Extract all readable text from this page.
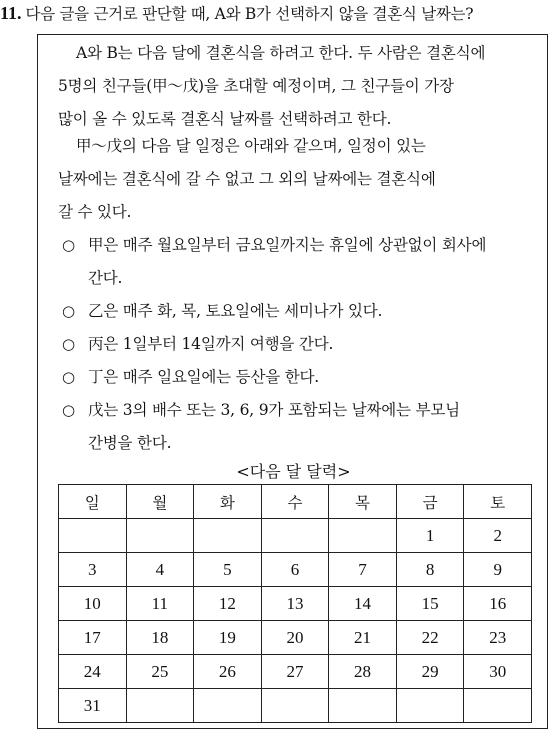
11. 다음 글을 근거로 판단할 때, A와 B가 선택하지 않을 결혼식 날짜는?
A와 B는 다음 달에 결혼식을 하려고 한다. 두 사람은 결혼식에
5명의 친구들(甲～戊)을 초대할 예정이며, 그 친구들이 가장
많이 올 수 있도록 결혼식 날짜를 선택하려고 한다.
甲～戊의 다음 달 일정은 아래와 같으며, 일정이 있는
날짜에는 결혼식에 갈 수 없고 그 외의 날짜에는 결혼식에
갈 수 있다.
○ 甲은 매주 월요일부터 금요일까지는 휴일에 상관없이 회사에
간다.
○ 乙은 매주 화, 목, 토요일에는 세미나가 있다.
○ 丙은 1일부터 14일까지 여행을 간다.
○ 丁은 매주 일요일에는 등산을 한다.
○ 戊는 3의 배수 또는 3, 6, 9가 포함되는 날짜에는 부모님
간병을 한다.
<다음 달 달력>
일	월	화	수	목	금	토
					1	2
3	4	5	6	7	8	9
10	11	12	13	14	15	16
17	18	19	20	21	22	23
24	25	26	27	28	29	30
31						
